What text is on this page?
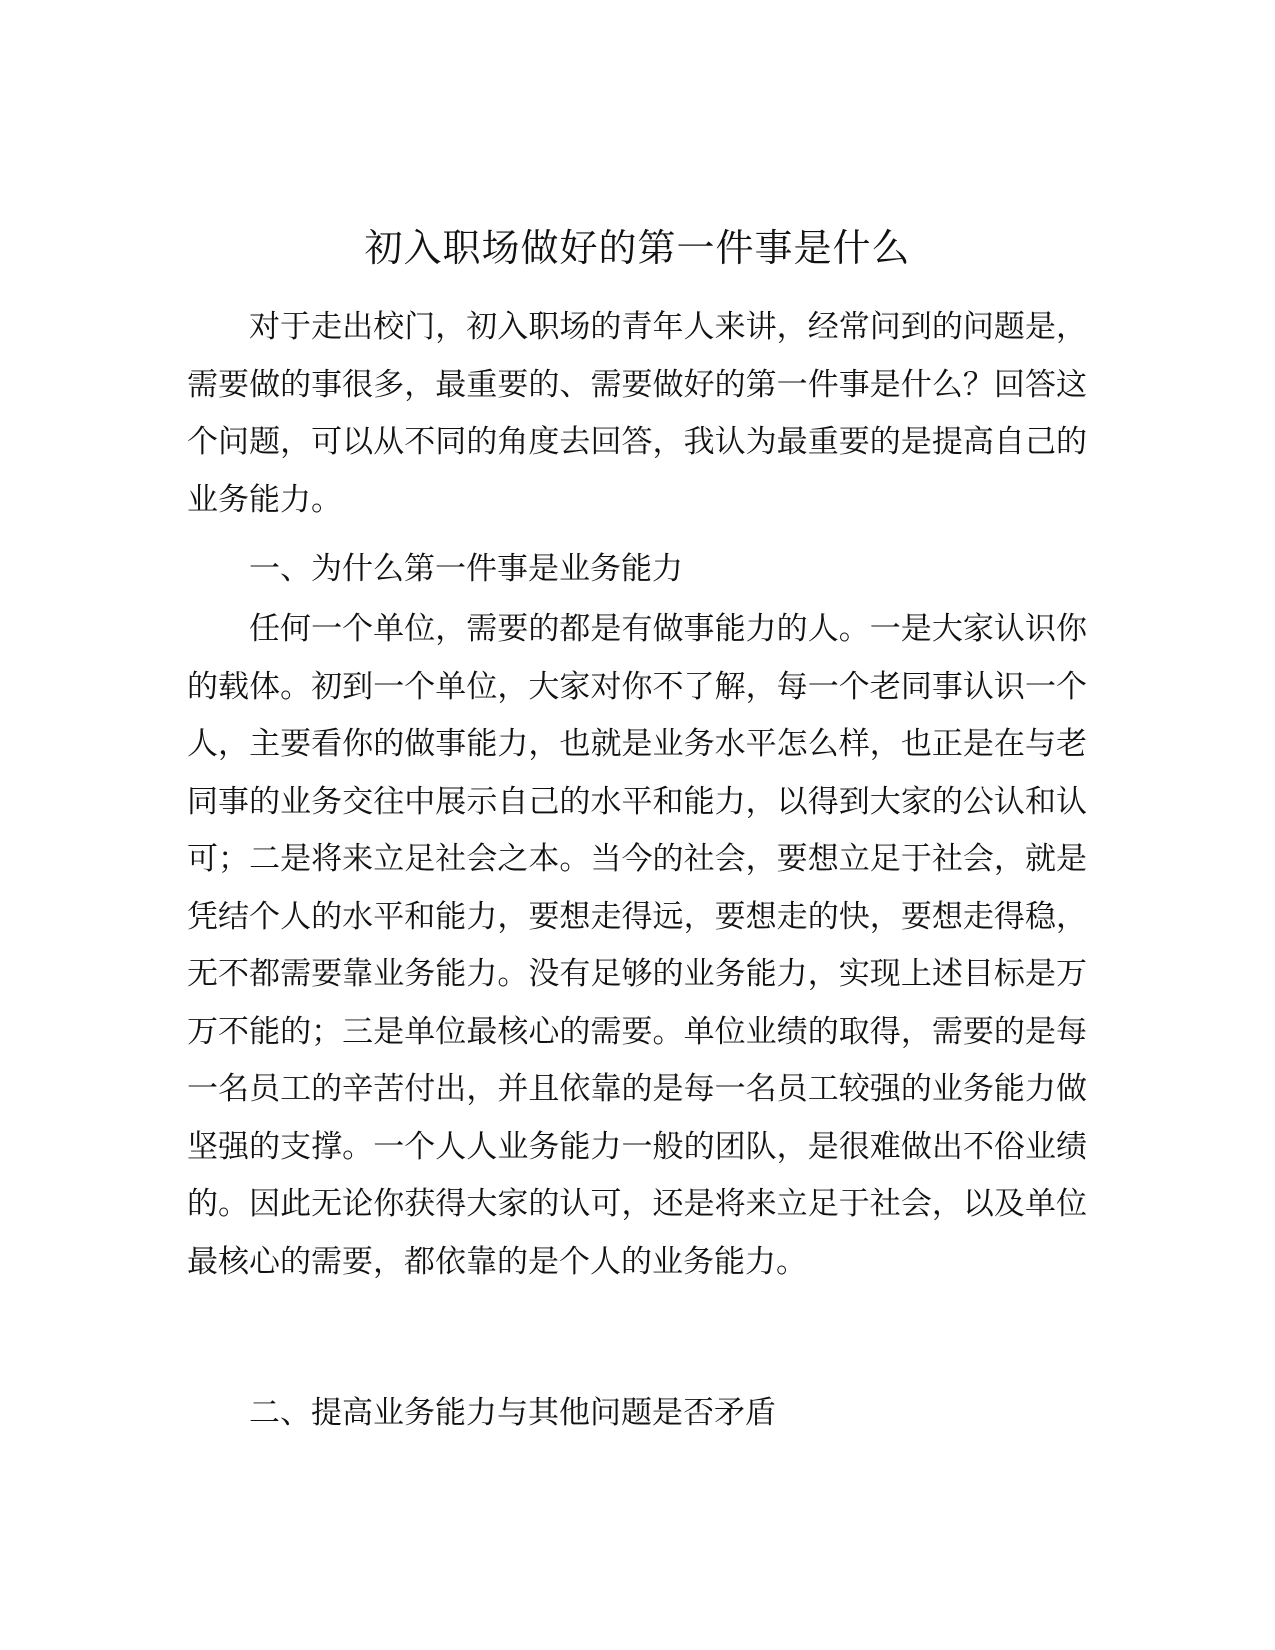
初入职场做好的第一件事是什么

对于走出校门，初入职场的青年人来讲，经常问到的问题是，需要做的事很多，最重要的、需要做好的第一件事是什么？回答这个问题，可以从不同的角度去回答，我认为最重要的是提高自己的业务能力。

一、为什么第一件事是业务能力

任何一个单位，需要的都是有做事能力的人。一是大家认识你的载体。初到一个单位，大家对你不了解，每一个老同事认识一个人，主要看你的做事能力，也就是业务水平怎么样，也正是在与老同事的业务交往中展示自己的水平和能力，以得到大家的公认和认可；二是将来立足社会之本。当今的社会，要想立足于社会，就是凭结个人的水平和能力，要想走得远，要想走的快，要想走得稳，无不都需要靠业务能力。没有足够的业务能力，实现上述目标是万万不能的；三是单位最核心的需要。单位业绩的取得，需要的是每一名员工的辛苦付出，并且依靠的是每一名员工较强的业务能力做坚强的支撑。一个人人业务能力一般的团队，是很难做出不俗业绩的。因此无论你获得大家的认可，还是将来立足于社会，以及单位最核心的需要，都依靠的是个人的业务能力。

二、提高业务能力与其他问题是否矛盾
